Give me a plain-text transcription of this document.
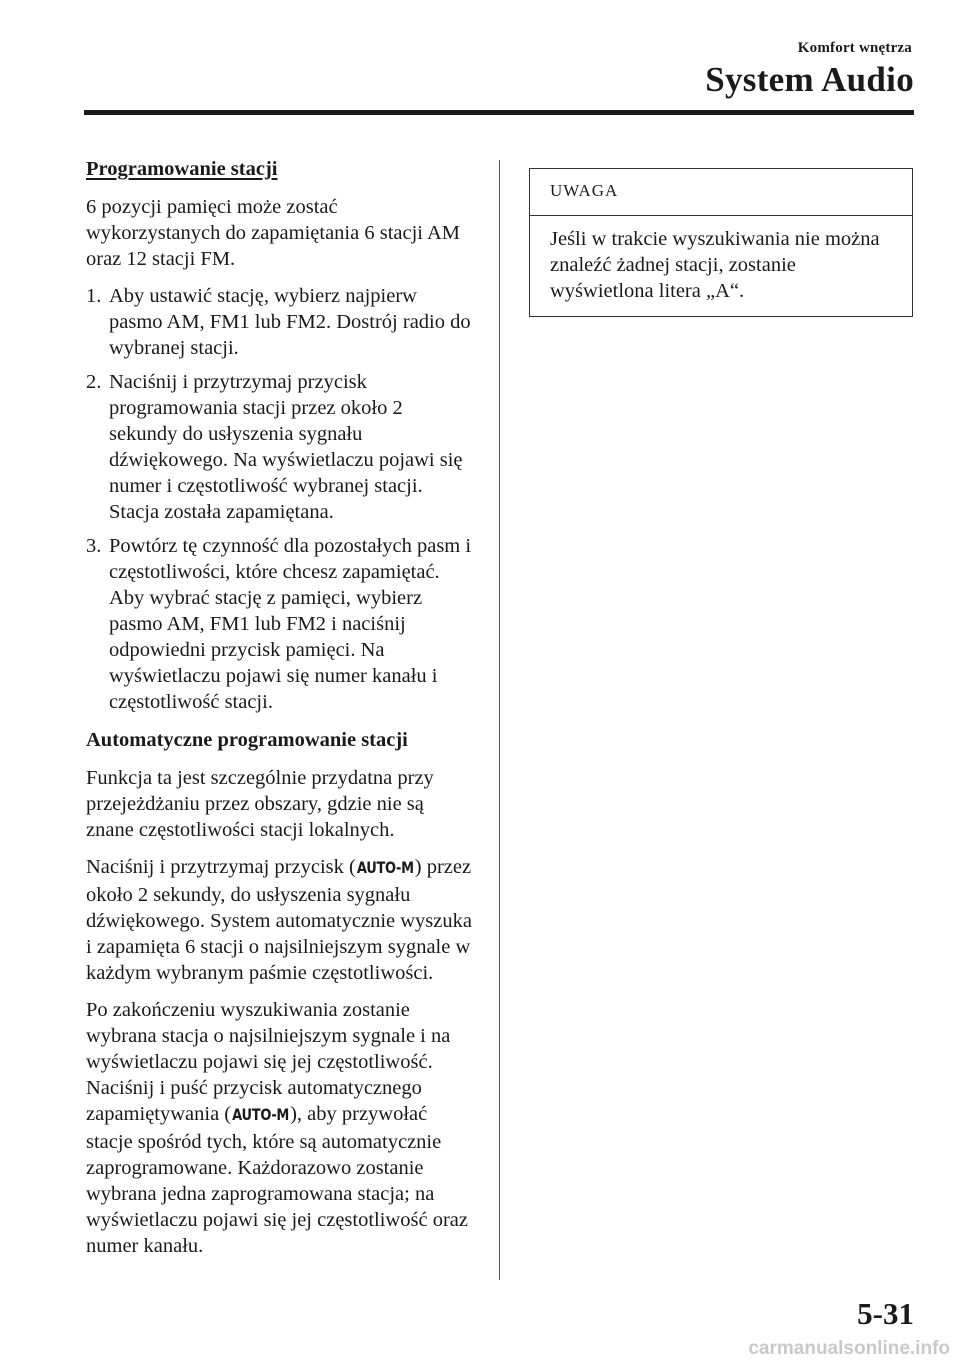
Komfort wnętrza
System Audio
Programowanie stacji

6 pozycji pamięci może zostać wykorzystanych do zapamiętania 6 stacji AM oraz 12 stacji FM.

1. Aby ustawić stację, wybierz najpierw pasmo AM, FM1 lub FM2. Dostrój radio do wybranej stacji.
2. Naciśnij i przytrzymaj przycisk programowania stacji przez około 2 sekundy do usłyszenia sygnału dźwiękowego. Na wyświetlaczu pojawi się numer i częstotliwość wybranej stacji. Stacja została zapamiętana.
3. Powtórz tę czynność dla pozostałych pasm i częstotliwości, które chcesz zapamiętać. Aby wybrać stację z pamięci, wybierz pasmo AM, FM1 lub FM2 i naciśnij odpowiedni przycisk pamięci. Na wyświetlaczu pojawi się numer kanału i częstotliwość stacji.
Automatyczne programowanie stacji

Funkcja ta jest szczególnie przydatna przy przejeżdżaniu przez obszary, gdzie nie są znane częstotliwości stacji lokalnych.

Naciśnij i przytrzymaj przycisk (AUTO-M) przez około 2 sekundy, do usłyszenia sygnału dźwiękowego. System automatycznie wyszuka i zapamięta 6 stacji o najsilniejszym sygnale w każdym wybranym paśmie częstotliwości.

Po zakończeniu wyszukiwania zostanie wybrana stacja o najsilniejszym sygnale i na wyświetlaczu pojawi się jej częstotliwość. Naciśnij i puść przycisk automatycznego zapamiętywania (AUTO-M), aby przywołać stacje spośród tych, które są automatycznie zaprogramowane. Każdorazowo zostanie wybrana jedna zaprogramowana stacja; na wyświetlaczu pojawi się jej częstotliwość oraz numer kanału.

UWAGA
Jeśli w trakcie wyszukiwania nie można znaleźć żadnej stacji, zostanie wyświetlona litera „A“.
5-31
carmanualsonline.info
